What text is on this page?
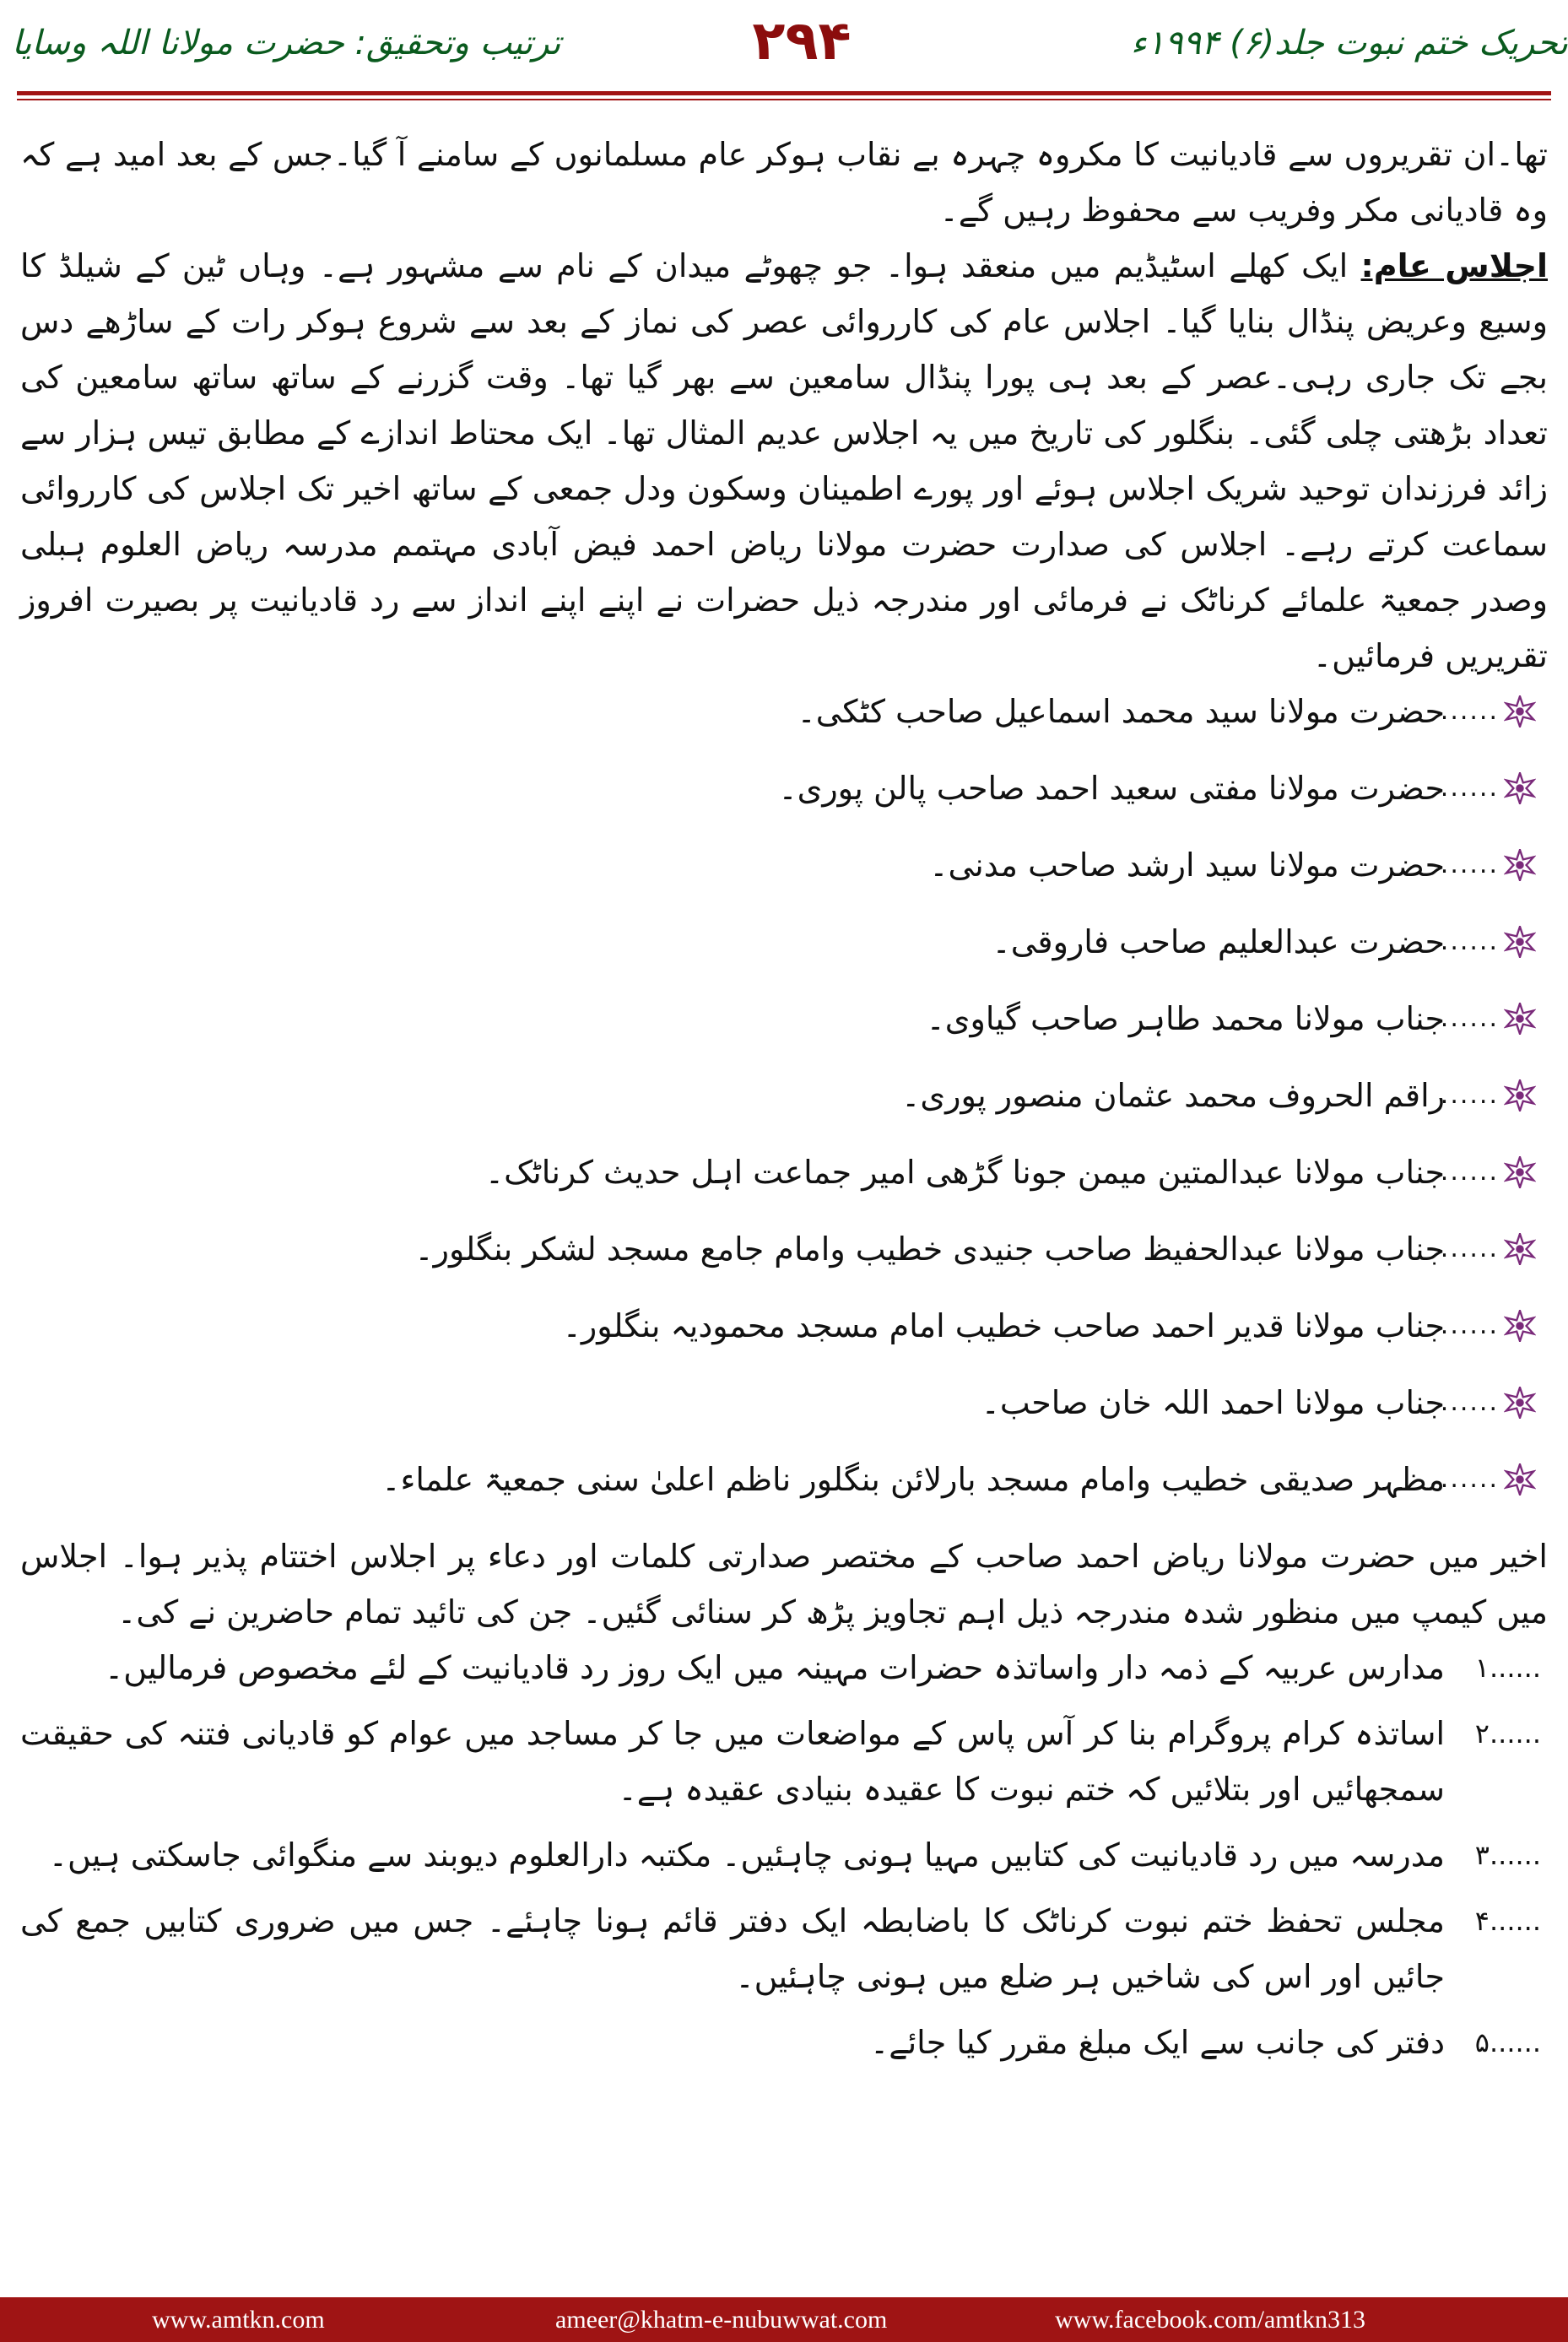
تحریک ختم نبوت جلد(۶) ۱۹۹۴ء
۲۹۴
ترتیب وتحقیق: حضرت مولانا اللہ وسایا

تھا۔ان تقریروں سے قادیانیت کا مکروہ چہرہ بے نقاب ہوکر عام مسلمانوں کے سامنے آ گیا۔جس کے بعد امید ہے کہ وہ قادیانی مکر وفریب سے محفوظ رہیں گے۔

اجلاس عام: ایک کھلے اسٹیڈیم میں منعقد ہوا۔ جو چھوٹے میدان کے نام سے مشہور ہے۔ وہاں ٹین کے شیلڈ کا وسیع وعریض پنڈال بنایا گیا۔ اجلاس عام کی کارروائی عصر کی نماز کے بعد سے شروع ہوکر رات کے ساڑھے دس بجے تک جاری رہی۔عصر کے بعد ہی پورا پنڈال سامعین سے بھر گیا تھا۔ وقت گزرنے کے ساتھ ساتھ سامعین کی تعداد بڑھتی چلی گئی۔ بنگلور کی تاریخ میں یہ اجلاس عدیم المثال تھا۔ ایک محتاط اندازے کے مطابق تیس ہزار سے زائد فرزندان توحید شریک اجلاس ہوئے اور پورے اطمینان وسکون ودل جمعی کے ساتھ اخیر تک اجلاس کی کارروائی سماعت کرتے رہے۔ اجلاس کی صدارت حضرت مولانا ریاض احمد فیض آبادی مہتمم مدرسہ ریاض العلوم ہبلی وصدر جمعیۃ علمائے کرناٹک نے فرمائی اور مندرجہ ذیل حضرات نے اپنے اپنے انداز سے رد قادیانیت پر بصیرت افروز تقریریں فرمائیں۔

......
حضرت مولانا سید محمد اسماعیل صاحب کٹکی۔
......
حضرت مولانا مفتی سعید احمد صاحب پالن پوری۔
......
حضرت مولانا سید ارشد صاحب مدنی۔
......
حضرت عبدالعلیم صاحب فاروقی۔
......
جناب مولانا محمد طاہر صاحب گیاوی۔
......
راقم الحروف محمد عثمان منصور پوری۔
......
جناب مولانا عبدالمتین میمن جونا گڑھی امیر جماعت اہل حدیث کرناٹک۔
......
جناب مولانا عبدالحفیظ صاحب جنیدی خطیب وامام جامع مسجد لشکر بنگلور۔
......
جناب مولانا قدیر احمد صاحب خطیب امام مسجد محمودیہ بنگلور۔
......
جناب مولانا احمد اللہ خان صاحب۔
......
مظہر صدیقی خطیب وامام مسجد بارلائن بنگلور ناظم اعلیٰ سنی جمعیۃ علماء۔

اخیر میں حضرت مولانا ریاض احمد صاحب کے مختصر صدارتی کلمات اور دعاء پر اجلاس اختتام پذیر ہوا۔ اجلاس میں کیمپ میں منظور شدہ مندرجہ ذیل اہم تجاویز پڑھ کر سنائی گئیں۔ جن کی تائید تمام حاضرین نے کی۔

۱......
مدارس عربیہ کے ذمہ دار واساتذہ حضرات مہینہ میں ایک روز رد قادیانیت کے لئے مخصوص فرمالیں۔
۲......
اساتذہ کرام پروگرام بنا کر آس پاس کے مواضعات میں جا کر مساجد میں عوام کو قادیانی فتنہ کی حقیقت سمجھائیں اور بتلائیں کہ ختم نبوت کا عقیدہ بنیادی عقیدہ ہے۔
۳......
مدرسہ میں رد قادیانیت کی کتابیں مہیا ہونی چاہئیں۔ مکتبہ دارالعلوم دیوبند سے منگوائی جاسکتی ہیں۔
۴......
مجلس تحفظ ختم نبوت کرناٹک کا باضابطہ ایک دفتر قائم ہونا چاہئے۔ جس میں ضروری کتابیں جمع کی جائیں اور اس کی شاخیں ہر ضلع میں ہونی چاہئیں۔
۵......
دفتر کی جانب سے ایک مبلغ مقرر کیا جائے۔
www.amtkn.com	ameer@khatm-e-nubuwwat.com	www.facebook.com/amtkn313
